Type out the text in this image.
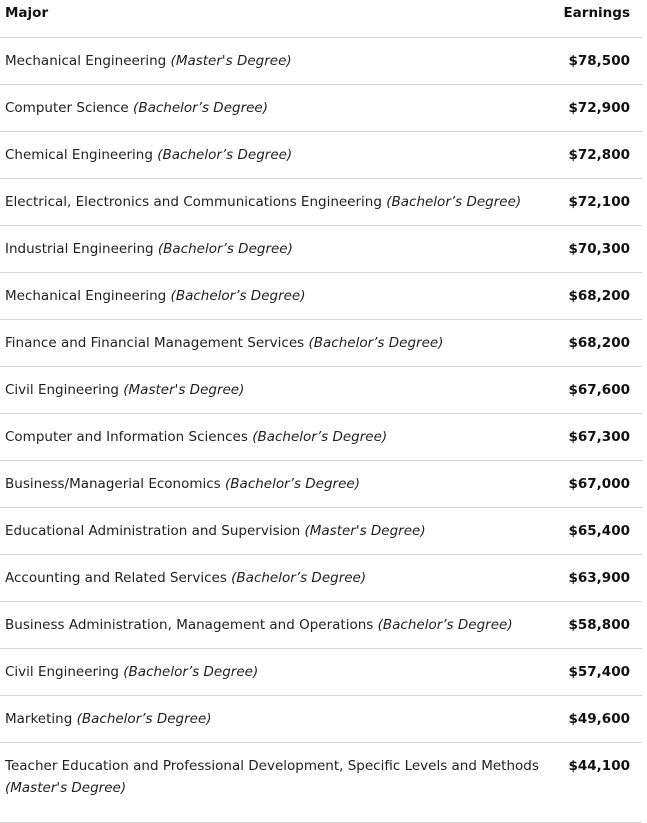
Major	Earnings

Mechanical Engineering (Master's Degree)	$78,500
Computer Science (Bachelor’s Degree)	$72,900
Chemical Engineering (Bachelor’s Degree)	$72,800
Electrical, Electronics and Communications Engineering (Bachelor’s Degree)	$72,100
Industrial Engineering (Bachelor’s Degree)	$70,300
Mechanical Engineering (Bachelor’s Degree)	$68,200
Finance and Financial Management Services (Bachelor’s Degree)	$68,200
Civil Engineering (Master's Degree)	$67,600
Computer and Information Sciences (Bachelor’s Degree)	$67,300
Business/Managerial Economics (Bachelor’s Degree)	$67,000
Educational Administration and Supervision (Master's Degree)	$65,400
Accounting and Related Services (Bachelor’s Degree)	$63,900
Business Administration, Management and Operations (Bachelor’s Degree)	$58,800
Civil Engineering (Bachelor’s Degree)	$57,400
Marketing (Bachelor’s Degree)	$49,600
Teacher Education and Professional Development, Specific Levels and Methods (Master's Degree)	$44,100
